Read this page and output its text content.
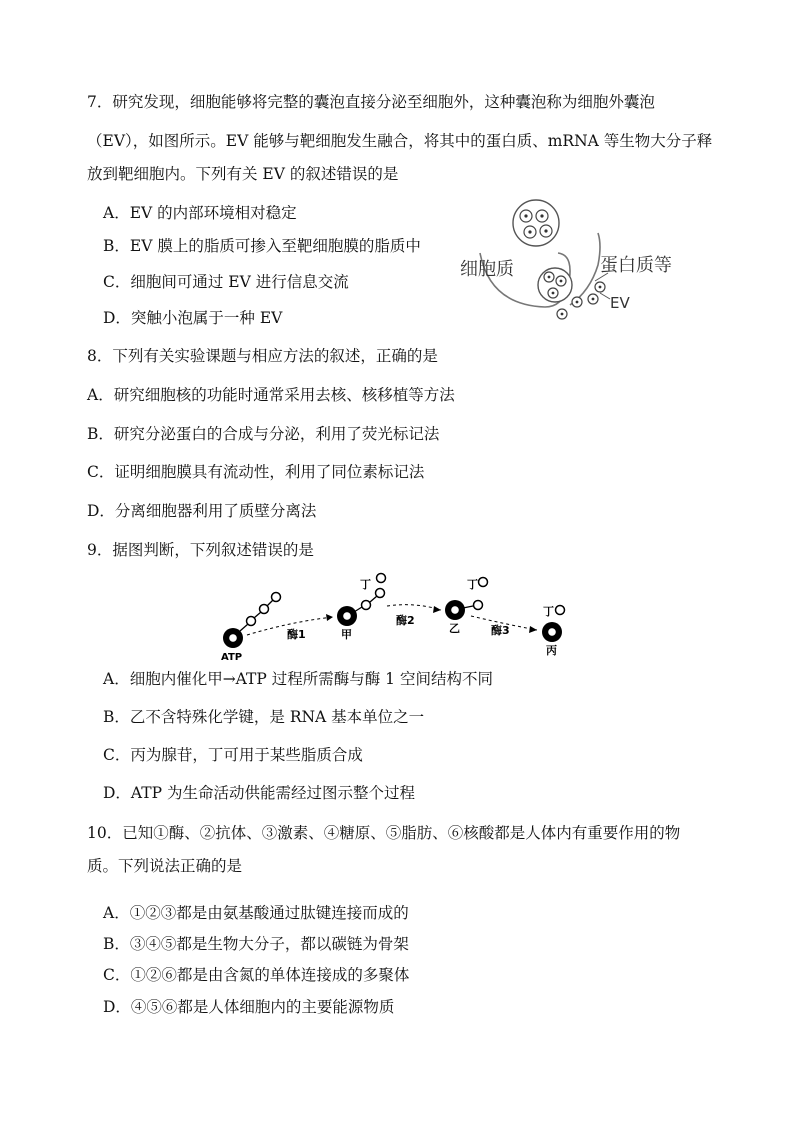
7．研究发现，细胞能够将完整的囊泡直接分泌至细胞外，这种囊泡称为细胞外囊泡
（EV），如图所示。EV 能够与靶细胞发生融合，将其中的蛋白质、mRNA 等生物大分子释
放到靶细胞内。下列有关 EV 的叙述错误的是
A．EV 的内部环境相对稳定
B．EV 膜上的脂质可掺入至靶细胞膜的脂质中
C．细胞间可通过 EV 进行信息交流
D．突触小泡属于一种 EV
细胞质	蛋白质等
EV
8．下列有关实验课题与相应方法的叙述，正确的是
A．研究细胞核的功能时通常采用去核、核移植等方法
B．研究分泌蛋白的合成与分泌，利用了荧光标记法
C．证明细胞膜具有流动性，利用了同位素标记法
D．分离细胞器利用了质壁分离法
9．据图判断，下列叙述错误的是
ATP
酶1	甲
丁
酶2
乙
丁
酶3
丙
丁
A．细胞内催化甲→ATP 过程所需酶与酶 1 空间结构不同
B．乙不含特殊化学键，是 RNA 基本单位之一
C．丙为腺苷，丁可用于某些脂质合成
D．ATP 为生命活动供能需经过图示整个过程
10．已知①酶、②抗体、③激素、④糖原、⑤脂肪、⑥核酸都是人体内有重要作用的物
质。下列说法正确的是
A．①②③都是由氨基酸通过肽键连接而成的
B．③④⑤都是生物大分子，都以碳链为骨架
C．①②⑥都是由含氮的单体连接成的多聚体
D．④⑤⑥都是人体细胞内的主要能源物质
